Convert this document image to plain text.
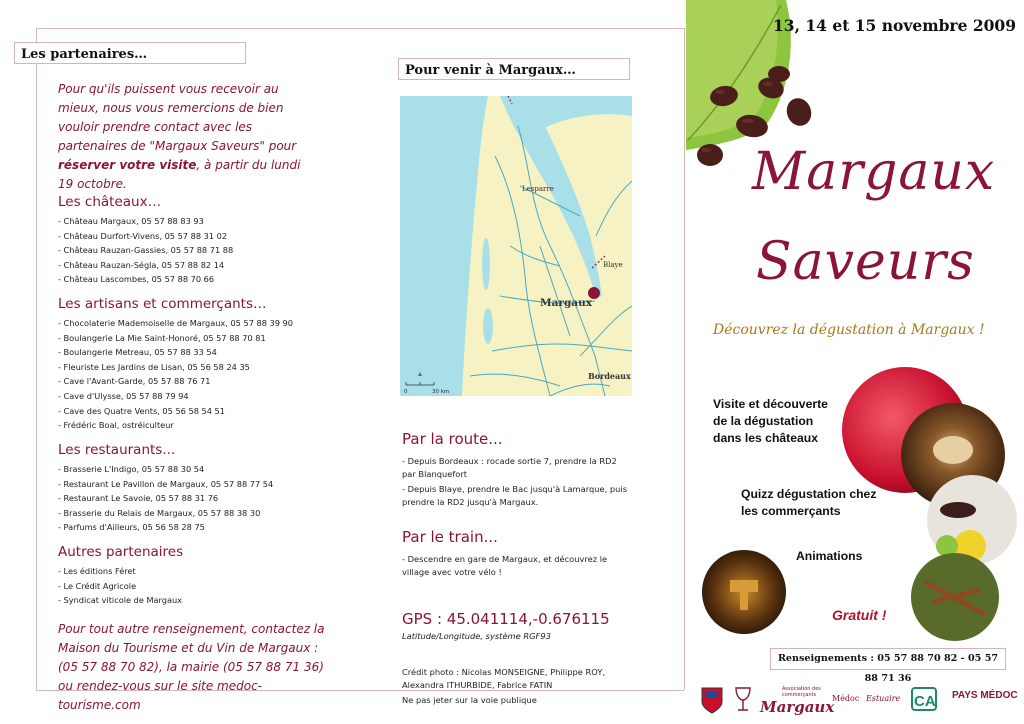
Les partenaires…
Pour qu'ils puissent vous recevoir au mieux, nous vous remercions de bien vouloir prendre contact avec les partenaires de "Margaux Saveurs" pour réserver votre visite, à partir du lundi 19 octobre.
Les châteaux…
- Château Margaux, 05 57 88 83 93
- Château Durfort-Vivens, 05 57 88 31 02
- Château Rauzan-Gassies, 05 57 88 71 88
- Château Rauzan-Ségla, 05 57 88 82 14
- Château Lascombes, 05 57 88 70 66
Les artisans et commerçants…
- Chocolaterie Mademoiselle de Margaux, 05 57 88 39 90
- Boulangerie La Mie Saint-Honoré, 05 57 88 70 81
- Boulangerie Metreau, 05 57 88 33 54
- Fleuriste Les Jardins de Lisan, 05 56 58 24 35
- Cave l'Avant-Garde, 05 57 88 76 71
- Cave d'Ulysse, 05 57 88 79 94
- Cave des Quatre Vents, 05 56 58 54 51
- Frédéric Boal, ostréiculteur
Les restaurants...
- Brasserie L'Indigo, 05 57 88 30 54
- Restaurant Le Pavillon de Margaux, 05 57 88 77 54
- Restaurant Le Savoie, 05 57 88 31 76
- Brasserie du Relais de Margaux, 05 57 88 38 30
- Parfums d'Ailleurs, 05 56 58 28 75
Autres partenaires
- Les éditions Féret
- Le Crédit Agricole
- Syndicat viticole de Margaux
Pour tout autre renseignement, contactez la Maison du Tourisme et du Vin de Margaux : (05 57 88 70 82), la mairie (05 57 88 71 36) ou rendez-vous sur le site medoc-tourisme.com
Pour venir à Margaux…
Lesparre
Blaye
Margaux
Bordeaux
0	30 km
Par la route...
- Depuis Bordeaux : rocade sortie 7, prendre la RD2 par Blanquefort
- Depuis Blaye, prendre le Bac jusqu'à Lamarque, puis prendre la RD2 jusqu'à Margaux.
Par le train...
- Descendre en gare de Margaux, et découvrez le village avec votre vélo !
GPS : 45.041114,-0.676115
Latitude/Longitude, système RGF93
Crédit photo : Nicolas MONSEIGNE, Philippe ROY, Alexandra ITHURBIDE, Fabrice FATIN
Ne pas jeter sur la voie publique
13, 14 et 15 novembre 2009
Margaux
Saveurs
Découvrez la dégustation à Margaux !
Visite et découverte de la dégustation dans les châteaux
Quizz dégustation chez les commerçants
Animations
Gratuit !
Renseignements : 05 57 88 70 82 - 05 57 88 71 36
Association des commerçants
Margaux
Médoc Estuaire CA PAYS MÉDOC
